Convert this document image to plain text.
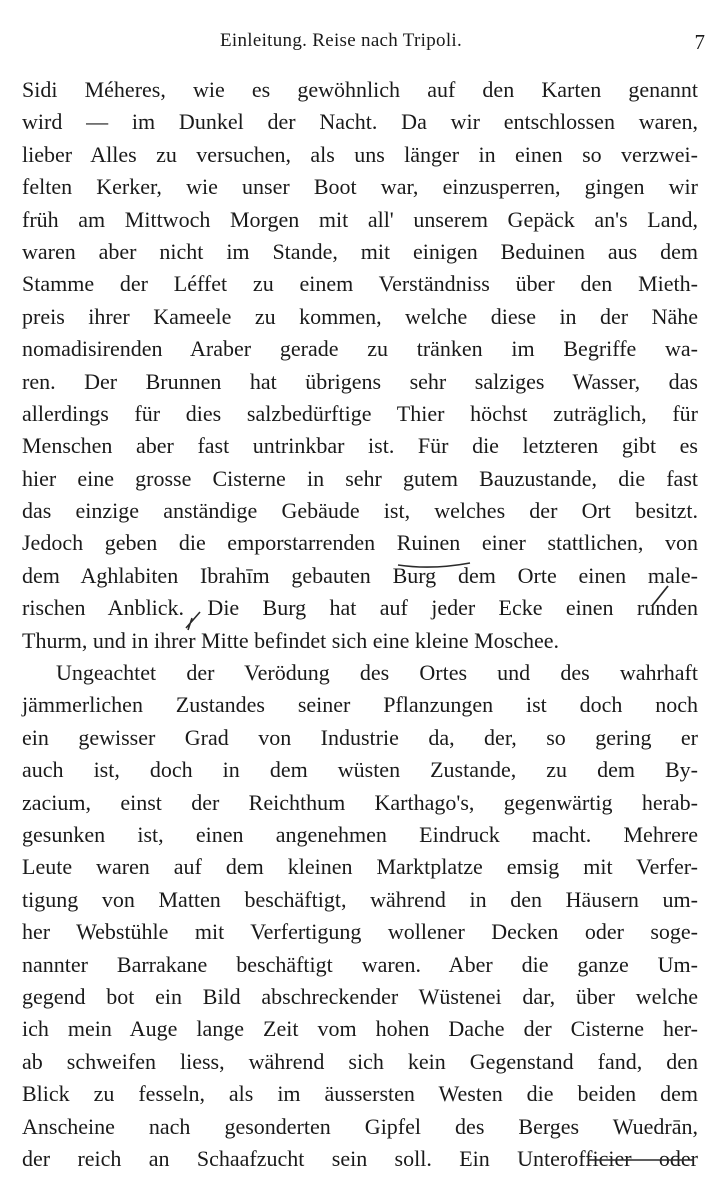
Einleitung. Reise nach Tripoli.	7
Sidi Méheres, wie es gewöhnlich auf den Karten genannt
wird — im Dunkel der Nacht. Da wir entschlossen waren,
lieber Alles zu versuchen, als uns länger in einen so verzwei-
felten Kerker, wie unser Boot war, einzusperren, gingen wir
früh am Mittwoch Morgen mit all' unserem Gepäck an's Land,
waren aber nicht im Stande, mit einigen Beduinen aus dem
Stamme der Léffet zu einem Verständniss über den Mieth-
preis ihrer Kameele zu kommen, welche diese in der Nähe
nomadisirenden Araber gerade zu tränken im Begriffe wa-
ren. Der Brunnen hat übrigens sehr salziges Wasser, das
allerdings für dies salzbedürftige Thier höchst zuträglich, für
Menschen aber fast untrinkbar ist. Für die letzteren gibt es
hier eine grosse Cisterne in sehr gutem Bauzustande, die fast
das einzige anständige Gebäude ist, welches der Ort besitzt.
Jedoch geben die emporstarrenden Ruinen einer stattlichen, von
dem Aghlabiten Ibrahīm gebauten Burg dem Orte einen male-
rischen Anblick. Die Burg hat auf jeder Ecke einen runden
Thurm, und in ihrer Mitte befindet sich eine kleine Moschee.
Ungeachtet der Verödung des Ortes und des wahrhaft
jämmerlichen Zustandes seiner Pflanzungen ist doch noch
ein gewisser Grad von Industrie da, der, so gering er
auch ist, doch in dem wüsten Zustande, zu dem By-
zacium, einst der Reichthum Karthago's, gegenwärtig herab-
gesunken ist, einen angenehmen Eindruck macht. Mehrere
Leute waren auf dem kleinen Marktplatze emsig mit Verfer-
tigung von Matten beschäftigt, während in den Häusern um-
her Webstühle mit Verfertigung wollener Decken oder soge-
nannter Barrakane beschäftigt waren. Aber die ganze Um-
gegend bot ein Bild abschreckender Wüstenei dar, über welche
ich mein Auge lange Zeit vom hohen Dache der Cisterne her-
ab schweifen liess, während sich kein Gegenstand fand, den
Blick zu fesseln, als im äussersten Westen die beiden dem
Anscheine nach gesonderten Gipfel des Berges Wuedrān,
der reich an Schaafzucht sein soll. Ein Unterofficier oder
